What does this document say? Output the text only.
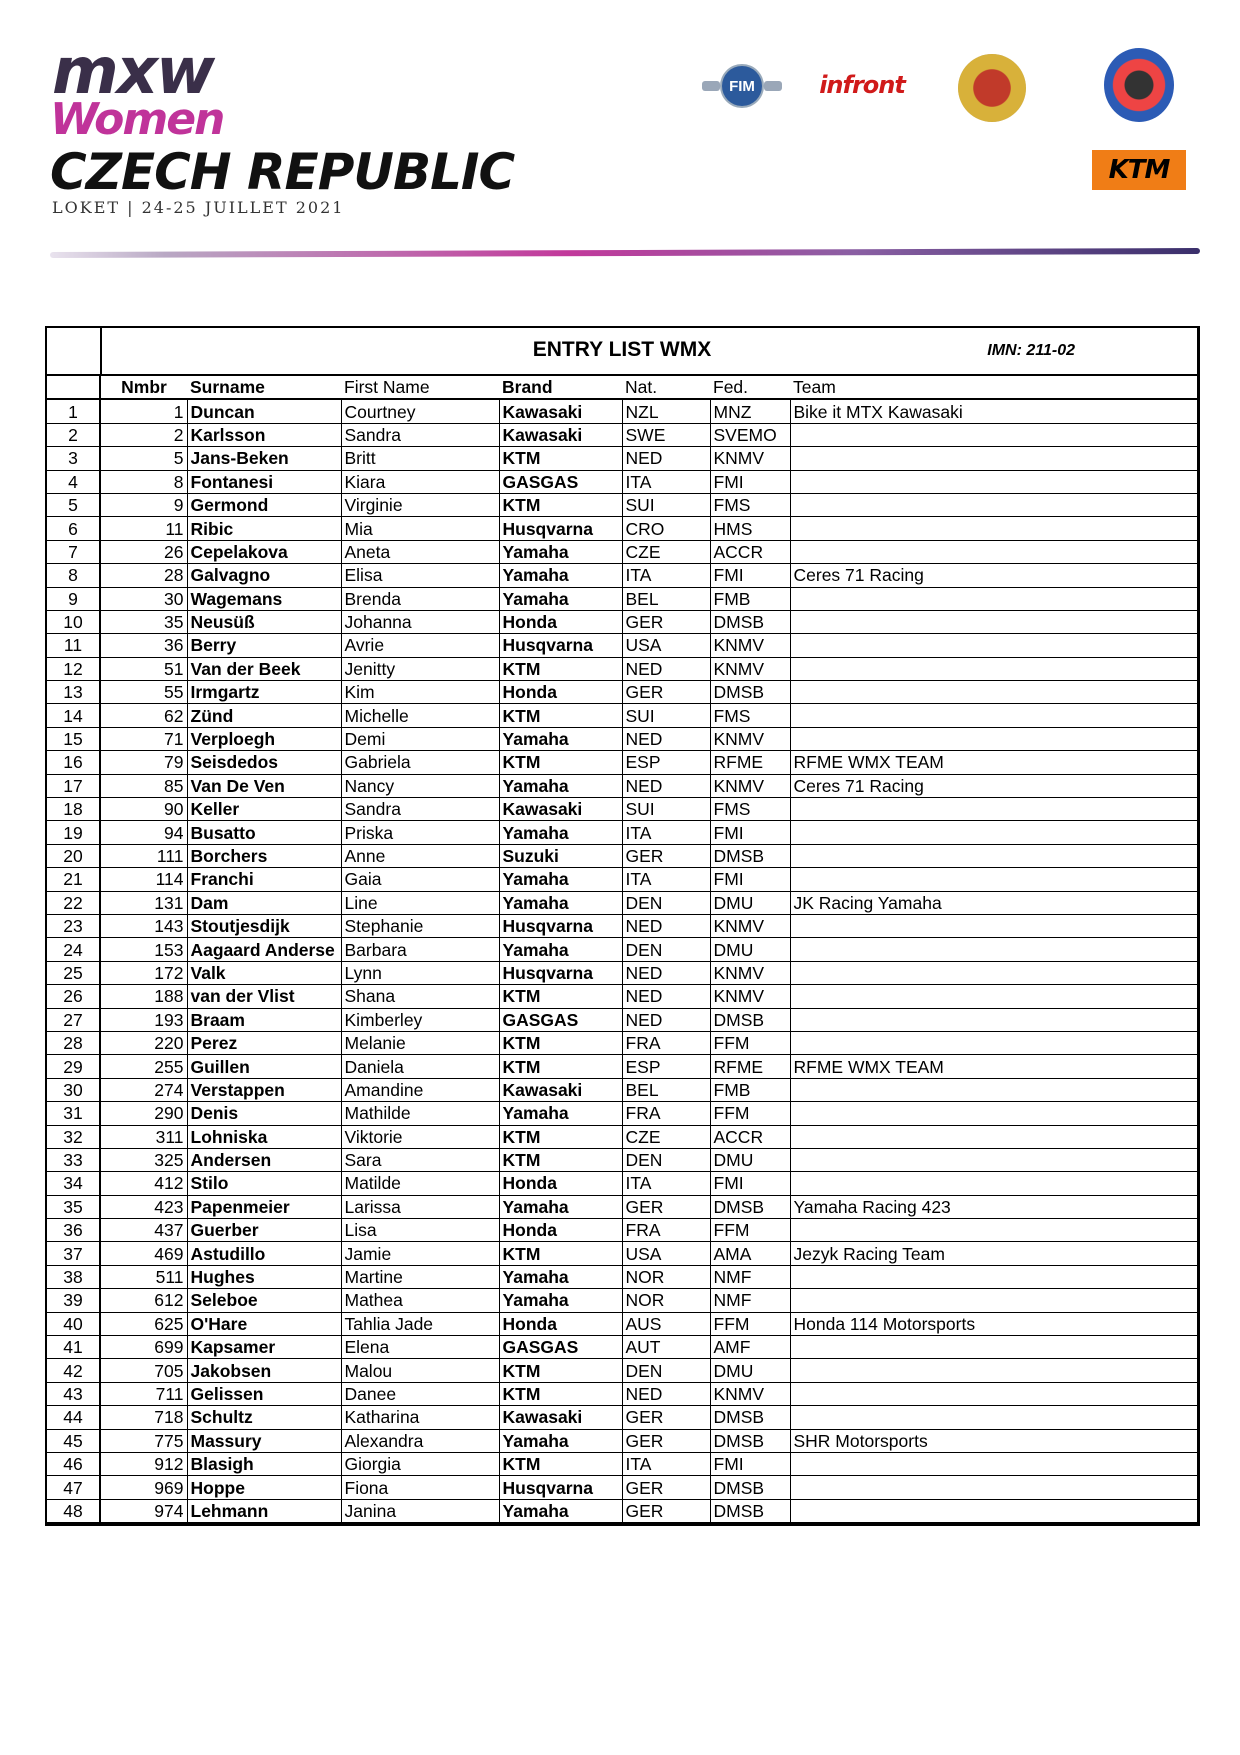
mxw
Women
CZECH REPUBLIC
LOKET | 24-25 JUILLET 2021
FIM	infront
KTM
ENTRY LIST WMX	IMN: 211-02
	Nmbr	Surname	First Name	Brand	Nat.	Fed.	Team
1	1	Duncan	Courtney	Kawasaki	NZL	MNZ	Bike it MTX Kawasaki
2	2	Karlsson	Sandra	Kawasaki	SWE	SVEMO	
3	5	Jans-Beken	Britt	KTM	NED	KNMV	
4	8	Fontanesi	Kiara	GASGAS	ITA	FMI	
5	9	Germond	Virginie	KTM	SUI	FMS	
6	11	Ribic	Mia	Husqvarna	CRO	HMS	
7	26	Cepelakova	Aneta	Yamaha	CZE	ACCR	
8	28	Galvagno	Elisa	Yamaha	ITA	FMI	Ceres 71 Racing
9	30	Wagemans	Brenda	Yamaha	BEL	FMB	
10	35	Neusüß	Johanna	Honda	GER	DMSB	
11	36	Berry	Avrie	Husqvarna	USA	KNMV	
12	51	Van der Beek	Jenitty	KTM	NED	KNMV	
13	55	Irmgartz	Kim	Honda	GER	DMSB	
14	62	Zünd	Michelle	KTM	SUI	FMS	
15	71	Verploegh	Demi	Yamaha	NED	KNMV	
16	79	Seisdedos	Gabriela	KTM	ESP	RFME	RFME WMX TEAM
17	85	Van De Ven	Nancy	Yamaha	NED	KNMV	Ceres 71 Racing
18	90	Keller	Sandra	Kawasaki	SUI	FMS	
19	94	Busatto	Priska	Yamaha	ITA	FMI	
20	111	Borchers	Anne	Suzuki	GER	DMSB	
21	114	Franchi	Gaia	Yamaha	ITA	FMI	
22	131	Dam	Line	Yamaha	DEN	DMU	JK Racing Yamaha
23	143	Stoutjesdijk	Stephanie	Husqvarna	NED	KNMV	
24	153	Aagaard Anderse	Barbara	Yamaha	DEN	DMU	
25	172	Valk	Lynn	Husqvarna	NED	KNMV	
26	188	van der Vlist	Shana	KTM	NED	KNMV	
27	193	Braam	Kimberley	GASGAS	NED	DMSB	
28	220	Perez	Melanie	KTM	FRA	FFM	
29	255	Guillen	Daniela	KTM	ESP	RFME	RFME WMX TEAM
30	274	Verstappen	Amandine	Kawasaki	BEL	FMB	
31	290	Denis	Mathilde	Yamaha	FRA	FFM	
32	311	Lohniska	Viktorie	KTM	CZE	ACCR	
33	325	Andersen	Sara	KTM	DEN	DMU	
34	412	Stilo	Matilde	Honda	ITA	FMI	
35	423	Papenmeier	Larissa	Yamaha	GER	DMSB	Yamaha Racing 423
36	437	Guerber	Lisa	Honda	FRA	FFM	
37	469	Astudillo	Jamie	KTM	USA	AMA	Jezyk Racing Team
38	511	Hughes	Martine	Yamaha	NOR	NMF	
39	612	Seleboe	Mathea	Yamaha	NOR	NMF	
40	625	O'Hare	Tahlia Jade	Honda	AUS	FFM	Honda 114 Motorsports
41	699	Kapsamer	Elena	GASGAS	AUT	AMF	
42	705	Jakobsen	Malou	KTM	DEN	DMU	
43	711	Gelissen	Danee	KTM	NED	KNMV	
44	718	Schultz	Katharina	Kawasaki	GER	DMSB	
45	775	Massury	Alexandra	Yamaha	GER	DMSB	SHR Motorsports
46	912	Blasigh	Giorgia	KTM	ITA	FMI	
47	969	Hoppe	Fiona	Husqvarna	GER	DMSB	
48	974	Lehmann	Janina	Yamaha	GER	DMSB	
